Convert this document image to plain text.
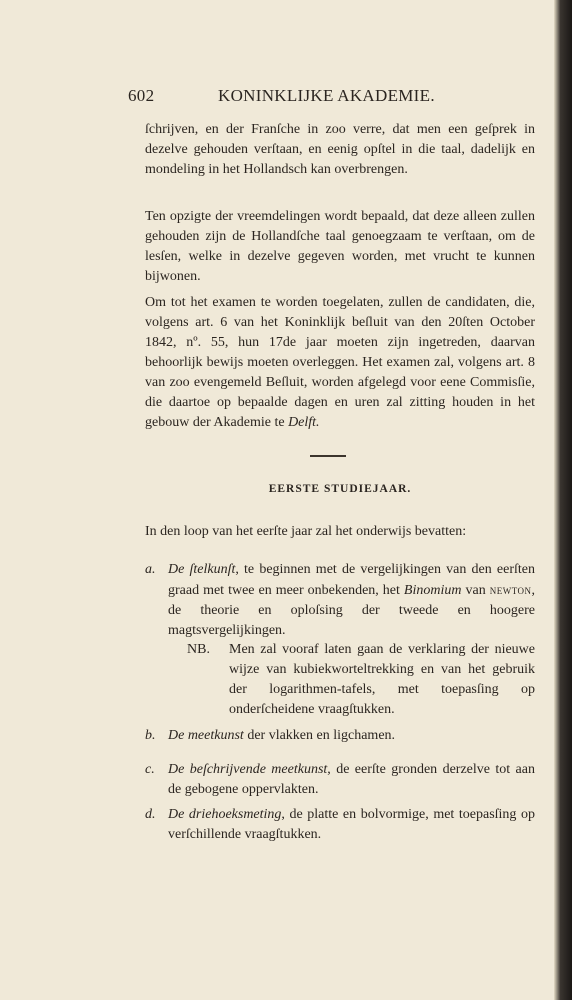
602	KONINKLIJKE AKADEMIE.

ſchrijven, en der Franſche in zoo verre, dat men een geſprek in dezelve gehouden verſtaan, en eenig opſtel in die taal, dadelijk en mondeling in het Hollandsch kan overbrengen.

Ten opzigte der vreemdelingen wordt bepaald, dat deze alleen zullen gehouden zijn de Hollandſche taal genoegzaam te verſtaan, om de lesſen, welke in dezelve gegeven worden, met vrucht te kunnen bijwonen.

Om tot het examen te worden toegelaten, zullen de candidaten, die, volgens art. 6 van het Koninklijk beſluit van den 20ſten October 1842, nº. 55, hun 17de jaar moeten zijn ingetreden, daarvan behoorlijk bewijs moeten overleggen. Het examen zal, volgens art. 8 van zoo evengemeld Beſluit, worden afgelegd voor eene Commisſie, die daartoe op bepaalde dagen en uren zal zitting houden in het gebouw der Akademie te Delft.

EERSTE STUDIEJAAR.

In den loop van het eerſte jaar zal het onderwijs bevatten:

a. De ſtelkunſt, te beginnen met de vergelijkingen van den eerſten graad met twee en meer onbekenden, het Binomium van newton, de theorie en oploſsing der tweede en hoogere magtsvergelijkingen.
NB. Men zal vooraf laten gaan de verklaring der nieuwe wijze van kubiekworteltrekking en van het gebruik der logarithmen-tafels, met toepasſing op onderſcheidene vraagſtukken.
b. De meetkunst der vlakken en ligchamen.
c. De beſchrijvende meetkunst, de eerſte gronden derzelve tot aan de gebogene oppervlakten.
d. De driehoeksmeting, de platte en bolvormige, met toepasſing op verſchillende vraagſtukken.
